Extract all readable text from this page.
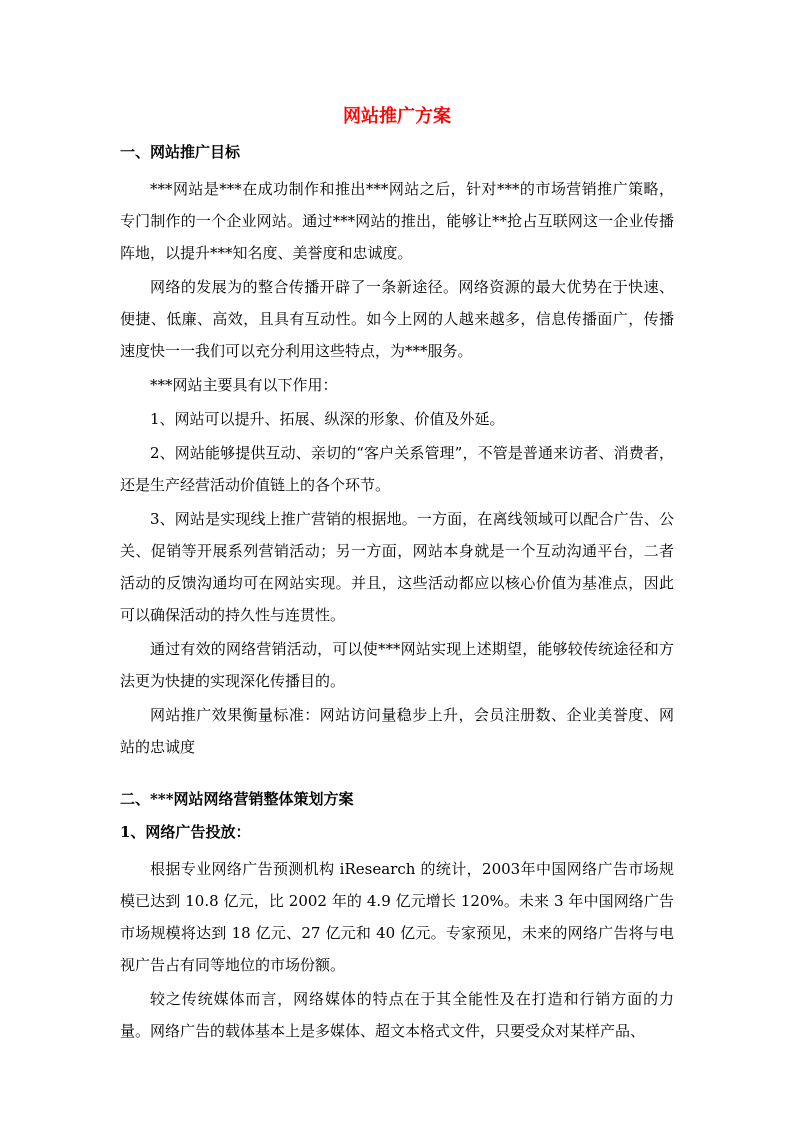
网站推广方案
一、网站推广目标

***网站是***在成功制作和推出***网站之后，针对***的市场营销推广策略，专门制作的一个企业网站。通过***网站的推出，能够让**抢占互联网这一企业传播阵地，以提升***知名度、美誉度和忠诚度。

网络的发展为的整合传播开辟了一条新途径。网络资源的最大优势在于快速、便捷、低廉、高效，且具有互动性。如今上网的人越来越多，信息传播面广，传播速度快一一我们可以充分利用这些特点，为***服务。

***网站主要具有以下作用：

1、网站可以提升、拓展、纵深的形象、价值及外延。

2、网站能够提供互动、亲切的“客户关系管理”，不管是普通来访者、消费者，还是生产经营活动价值链上的各个环节。

3、网站是实现线上推广营销的根据地。一方面，在离线领域可以配合广告、公关、促销等开展系列营销活动；另一方面，网站本身就是一个互动沟通平台，二者活动的反馈沟通均可在网站实现。并且，这些活动都应以核心价值为基准点，因此可以确保活动的持久性与连贯性。

通过有效的网络营销活动，可以使***网站实现上述期望，能够较传统途径和方法更为快捷的实现深化传播目的。

网站推广效果衡量标准：网站访问量稳步上升，会员注册数、企业美誉度、网站的忠诚度

二、***网站网络营销整体策划方案
1、网络广告投放：

根据专业网络广告预测机构 iResearch 的统计，2003年中国网络广告市场规模已达到 10.8 亿元，比 2002 年的 4.9 亿元增长 120%。未来 3 年中国网络广告市场规模将达到 18 亿元、27 亿元和 40 亿元。专家预见，未来的网络广告将与电视广告占有同等地位的市场份额。

较之传统媒体而言，网络媒体的特点在于其全能性及在打造和行销方面的力量。网络广告的载体基本上是多媒体、超文本格式文件，只要受众对某样产品、
